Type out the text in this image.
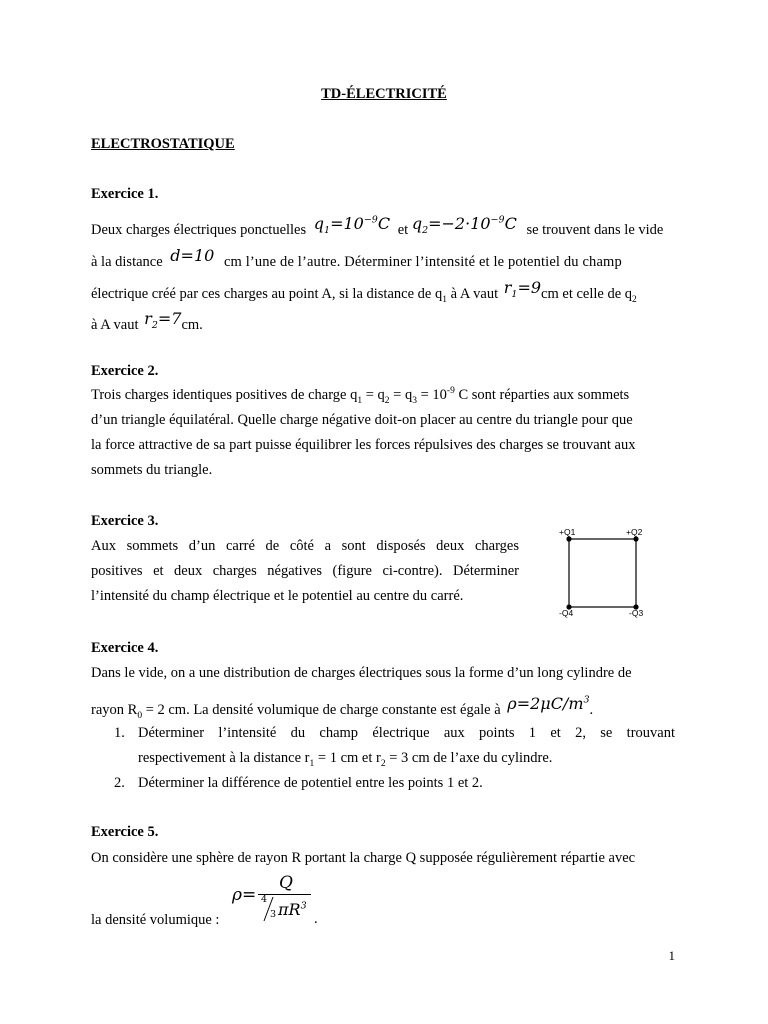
TD-ÉLECTRICITÉ
ELECTROSTATIQUE
Exercice 1.
Deux charges électriques ponctuelles $q_1=10^{-9}C$ et $q_2=-2\cdot 10^{-9}C$ se trouvent dans le vide
à la distance d=10 cm l’une de l’autre. Déterminer l’intensité et le potentiel du champ
électrique créé par ces charges au point A, si la distance de $q_1$ à A vaut $r_1=9cm$ et celle de $q_2$
à A vaut $r_2=7cm$.
Exercice 2.
Trois charges identiques positives de charge $q_1 = q_2 = q_3 = 10^{-9}$ C sont réparties aux sommets
d’un triangle équilatéral. Quelle charge négative doit-on placer au centre du triangle pour que
la force attractive de sa part puisse équilibrer les forces répulsives des charges se trouvant aux
sommets du triangle.
Exercice 3.
Aux sommets d’un carré de côté a sont disposés deux charges
positives et deux charges négatives (figure ci-contre). Déterminer
l’intensité du champ électrique et le potentiel au centre du carré.
+Q1	+Q2
-Q3
-Q4
Exercice 4.
Dans le vide, on a une distribution de charges électriques sous la forme d’un long cylindre de
rayon $R_0 = 2$ cm. La densité volumique de charge constante est égale à $\rho=2\mu C/m^3$.
1. Déterminer l’intensité du champ électrique aux points 1 et 2, se trouvant
respectivement à la distance $r_1 = 1$ cm et $r_2 = 3$ cm de l’axe du cylindre.
2. Déterminer la différence de potentiel entre les points 1 et 2.
Exercice 5.
On considère une sphère de rayon R portant la charge Q supposée régulièrement répartie avec
la densité volumique :
ρ=
Q
4
3 $\pi R^3$
.
1
